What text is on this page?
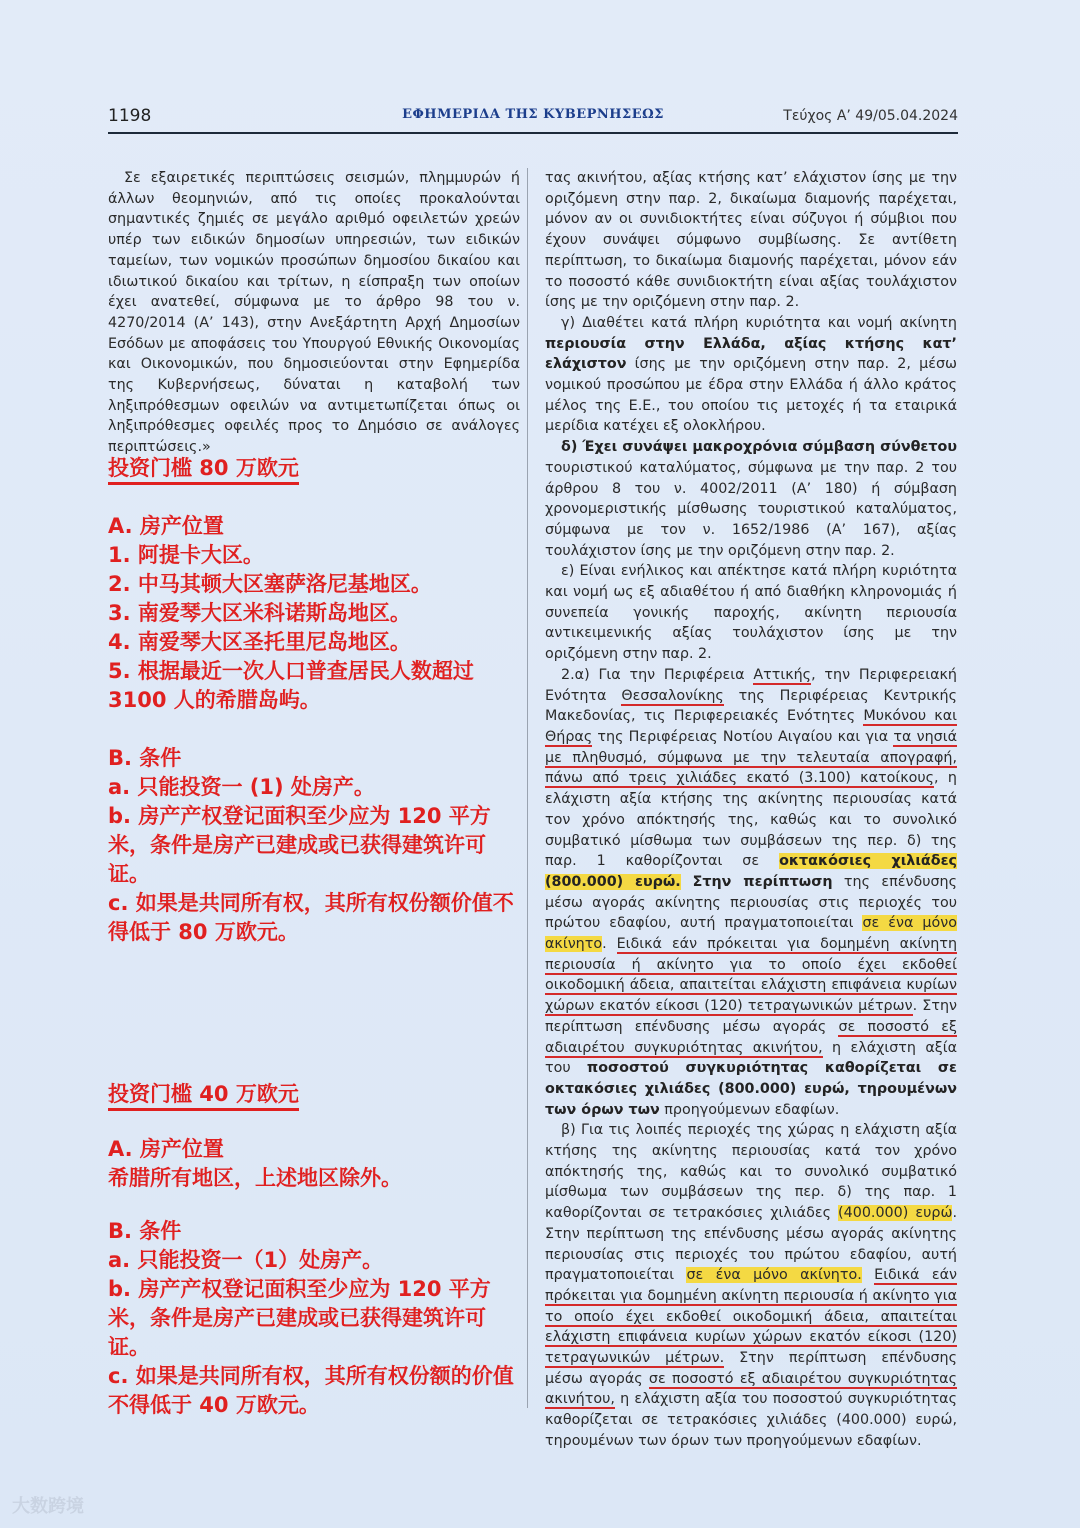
1198	ΕΦΗΜΕΡΙΔΑ ΤΗΣ ΚΥΒΕΡΝΗΣΕΩΣ	Τεύχος Α’ 49/05.04.2024

Σε εξαιρετικές περιπτώσεις σεισμών, πλημμυρών ή άλλων θεομηνιών, από τις οποίες προκαλούνται σημαντικές ζημιές σε μεγάλο αριθμό οφειλετών χρεών υπέρ των ειδικών δημοσίων υπηρεσιών, των ειδικών ταμείων, των νομικών προσώπων δημοσίου δικαίου και ιδιωτικού δικαίου και τρίτων, η είσπραξη των οποίων έχει ανατεθεί, σύμφωνα με το άρθρο 98 του ν. 4270/2014 (Α’ 143), στην Ανεξάρτητη Αρχή Δημοσίων Εσόδων με αποφάσεις του Υπουργού Εθνικής Οικονομίας και Οικονομικών, που δημοσιεύονται στην Εφημερίδα της Κυβερνήσεως, δύναται η καταβολή των ληξιπρόθεσμων οφειλών να αντιμετωπίζεται όπως οι ληξιπρόθεσμες οφειλές προς το Δημόσιο σε ανάλογες περιπτώσεις.»

投资门槛 80 万欧元
A. 房产位置
1. 阿提卡大区。
2. 中马其顿大区塞萨洛尼基地区。
3. 南爱琴大区米科诺斯岛地区。
4. 南爱琴大区圣托里尼岛地区。
5. 根据最近一次人口普查居民人数超过 3100 人的希腊岛屿。
B. 条件
a. 只能投资一 (1) 处房产。
b. 房产产权登记面积至少应为 120 平方米，条件是房产已建成或已获得建筑许可证。
c. 如果是共同所有权，其所有权份额价值不得低于 80 万欧元。
投资门槛 40 万欧元
A. 房产位置
希腊所有地区，上述地区除外。
B. 条件
a. 只能投资一（1）处房产。
b. 房产产权登记面积至少应为 120 平方米，条件是房产已建成或已获得建筑许可证。
c. 如果是共同所有权，其所有权份额的价值不得低于 40 万欧元。

τας ακινήτου, αξίας κτήσης κατ’ ελάχιστον ίσης με την οριζόμενη στην παρ. 2, δικαίωμα διαμονής παρέχεται, μόνον αν οι συνιδιοκτήτες είναι σύζυγοι ή σύμβιοι που έχουν συνάψει σύμφωνο συμβίωσης. Σε αντίθετη περίπτωση, το δικαίωμα διαμονής παρέχεται, μόνον εάν το ποσοστό κάθε συνιδιοκτήτη είναι αξίας τουλάχιστον ίσης με την οριζόμενη στην παρ. 2.

γ) Διαθέτει κατά πλήρη κυριότητα και νομή ακίνητη περιουσία στην Ελλάδα, αξίας κτήσης κατ’ ελάχιστον ίσης με την οριζόμενη στην παρ. 2, μέσω νομικού προσώπου με έδρα στην Ελλάδα ή άλλο κράτος μέλος της Ε.Ε., του οποίου τις μετοχές ή τα εταιρικά μερίδια κατέχει εξ ολοκλήρου.

δ) Έχει συνάψει μακροχρόνια σύμβαση σύνθετου τουριστικού καταλύματος, σύμφωνα με την παρ. 2 του άρθρου 8 του ν. 4002/2011 (Α’ 180) ή σύμβαση χρονομεριστικής μίσθωσης τουριστικού καταλύματος, σύμφωνα με τον ν. 1652/1986 (Α’ 167), αξίας τουλάχιστον ίσης με την οριζόμενη στην παρ. 2.

ε) Είναι ενήλικος και απέκτησε κατά πλήρη κυριότητα και νομή ως εξ αδιαθέτου ή από διαθήκη κληρονομιάς ή συνεπεία γονικής παροχής, ακίνητη περιουσία αντικειμενικής αξίας τουλάχιστον ίσης με την οριζόμενη στην παρ. 2.

2.α) Για την Περιφέρεια Αττικής, την Περιφερειακή Ενότητα Θεσσαλονίκης της Περιφέρειας Κεντρικής Μακεδονίας, τις Περιφερειακές Ενότητες Μυκόνου και Θήρας της Περιφέρειας Νοτίου Αιγαίου και για τα νησιά με πληθυσμό, σύμφωνα με την τελευταία απογραφή, πάνω από τρεις χιλιάδες εκατό (3.100) κατοίκους, η ελάχιστη αξία κτήσης της ακίνητης περιουσίας κατά τον χρόνο απόκτησής της, καθώς και το συνολικό συμβατικό μίσθωμα των συμβάσεων της περ. δ) της παρ. 1 καθορίζονται σε οκτακόσιες χιλιάδες (800.000) ευρώ. Στην περίπτωση της επένδυσης μέσω αγοράς ακίνητης περιουσίας στις περιοχές του πρώτου εδαφίου, αυτή πραγματοποιείται σε ένα μόνο ακίνητο. Ειδικά εάν πρόκειται για δομημένη ακίνητη περιουσία ή ακίνητο για το οποίο έχει εκδοθεί οικοδομική άδεια, απαιτείται ελάχιστη επιφάνεια κυρίων χώρων εκατόν είκοσι (120) τετραγωνικών μέτρων. Στην περίπτωση επένδυσης μέσω αγοράς σε ποσοστό εξ αδιαιρέτου συγκυριότητας ακινήτου, η ελάχιστη αξία του ποσοστού συγκυριότητας καθορίζεται σε οκτακόσιες χιλιάδες (800.000) ευρώ, τηρουμένων των όρων των προηγούμενων εδαφίων.

β) Για τις λοιπές περιοχές της χώρας η ελάχιστη αξία κτήσης της ακίνητης περιουσίας κατά τον χρόνο απόκτησής της, καθώς και το συνολικό συμβατικό μίσθωμα των συμβάσεων της περ. δ) της παρ. 1 καθορίζονται σε τετρακόσιες χιλιάδες (400.000) ευρώ. Στην περίπτωση της επένδυσης μέσω αγοράς ακίνητης περιουσίας στις περιοχές του πρώτου εδαφίου, αυτή πραγματοποιείται σε ένα μόνο ακίνητο. Ειδικά εάν πρόκειται για δομημένη ακίνητη περιουσία ή ακίνητο για το οποίο έχει εκδοθεί οικοδομική άδεια, απαιτείται ελάχιστη επιφάνεια κυρίων χώρων εκατόν είκοσι (120) τετραγωνικών μέτρων. Στην περίπτωση επένδυσης μέσω αγοράς σε ποσοστό εξ αδιαιρέτου συγκυριότητας ακινήτου, η ελάχιστη αξία του ποσοστού συγκυριότητας καθορίζεται σε τετρακόσιες χιλιάδες (400.000) ευρώ, τηρουμένων των όρων των προηγούμενων εδαφίων.

大数跨境
